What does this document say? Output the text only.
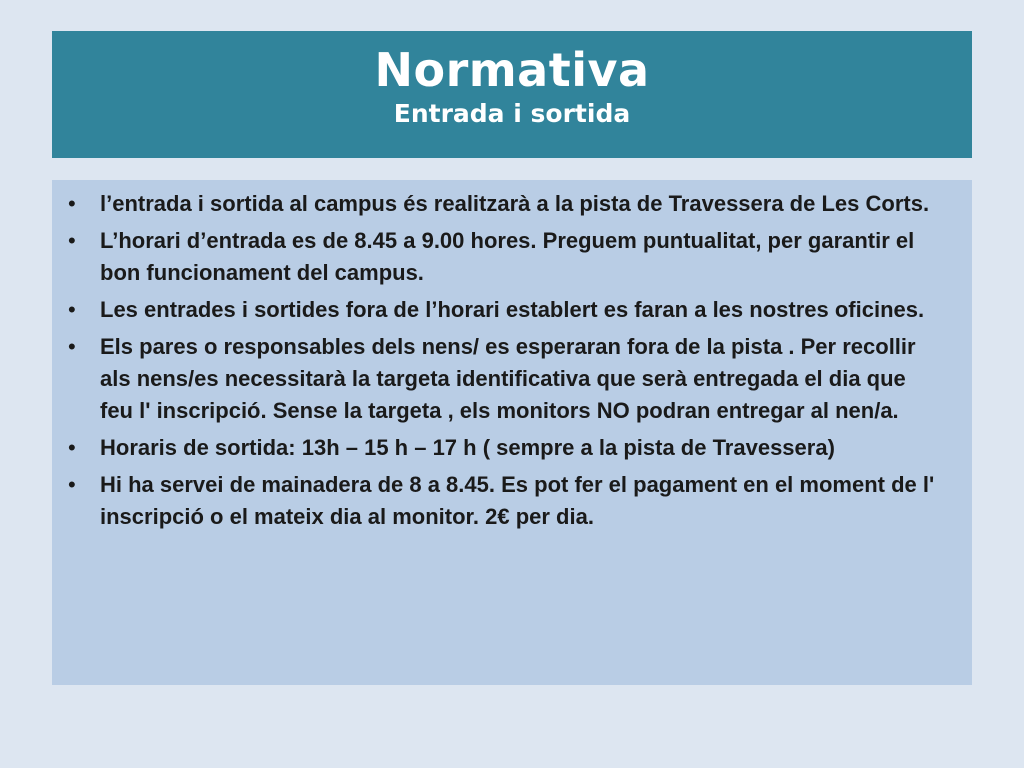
Normativa
Entrada i sortida
• l’entrada i sortida al campus és realitzarà a la pista de Travessera de Les Corts.
• L’horari d’entrada es de 8.45 a 9.00 hores. Preguem puntualitat, per garantir el bon funcionament del campus.
• Les entrades i sortides fora de l’horari establert es faran a les nostres oficines.
• Els pares o responsables dels nens/ es esperaran fora de la pista . Per recollir als nens/es necessitarà la targeta identificativa que serà entregada el dia que feu l' inscripció. Sense la targeta , els monitors NO podran entregar al nen/a.
• Horaris de sortida: 13h – 15 h – 17 h ( sempre a la pista de Travessera)
• Hi ha servei de mainadera de 8 a 8.45. Es pot fer el pagament en el moment de l' inscripció o el mateix dia al monitor. 2€ per dia.
